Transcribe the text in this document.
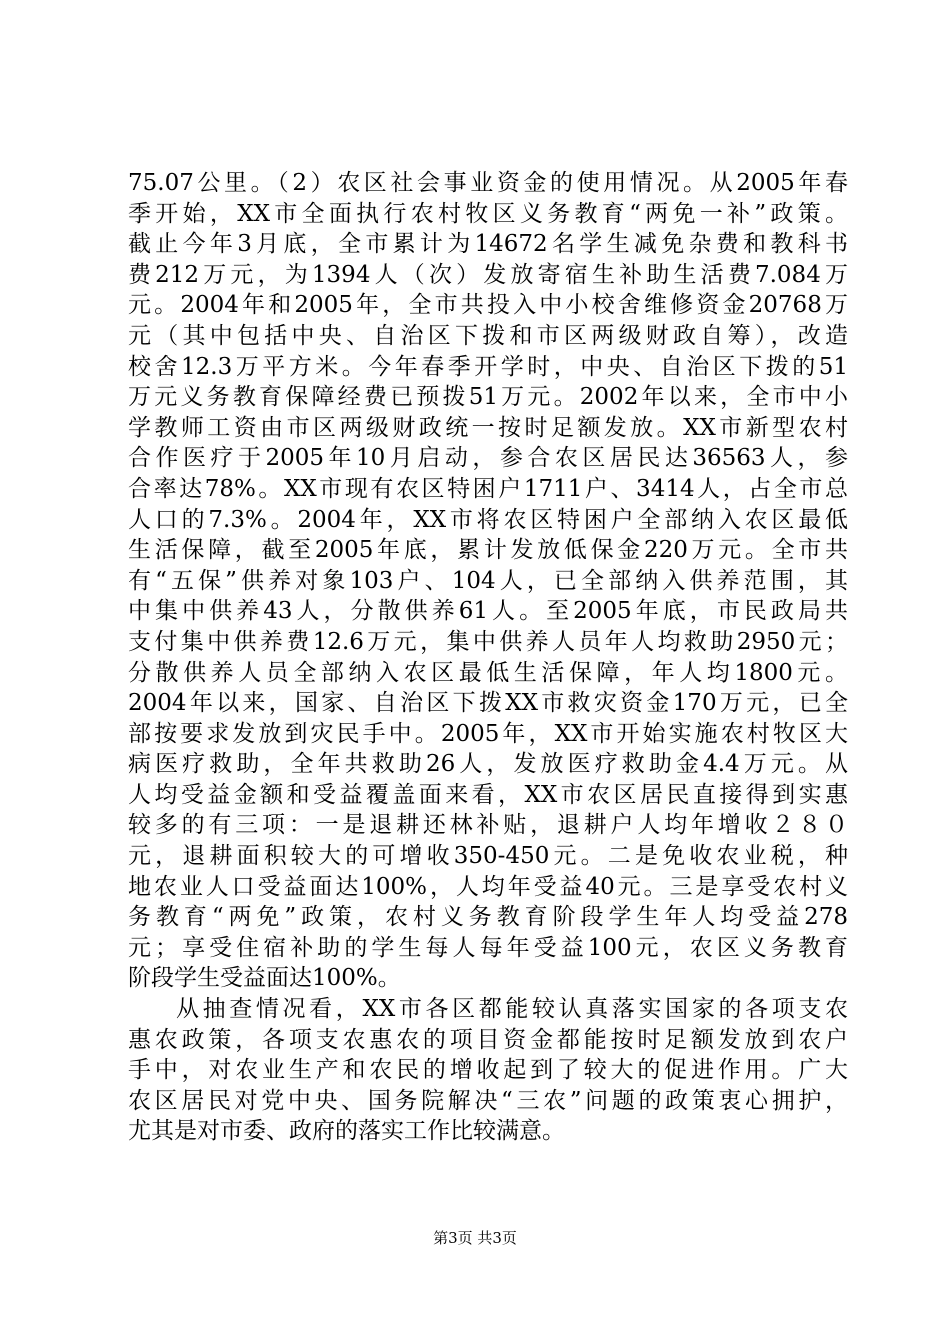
75.07公里。（2）农区社会事业资金的使用情况。从2005年春
季开始，XX市全面执行农村牧区义务教育“两免一补”政策。
截止今年3月底，全市累计为14672名学生减免杂费和教科书
费212万元，为1394人（次）发放寄宿生补助生活费7.084万
元。2004年和2005年，全市共投入中小校舍维修资金20768万
元（其中包括中央、自治区下拨和市区两级财政自筹），改造
校舍12.3万平方米。今年春季开学时，中央、自治区下拨的51
万元义务教育保障经费已预拨51万元。2002年以来，全市中小
学教师工资由市区两级财政统一按时足额发放。XX市新型农村
合作医疗于2005年10月启动，参合农区居民达36563人，参
合率达78%。XX市现有农区特困户1711户、3414人，占全市总
人口的7.3%。2004年，XX市将农区特困户全部纳入农区最低
生活保障，截至2005年底，累计发放低保金220万元。全市共
有“五保”供养对象103户、104人，已全部纳入供养范围，其
中集中供养43人，分散供养61人。至2005年底，市民政局共
支付集中供养费12.6万元，集中供养人员年人均救助2950元；
分散供养人员全部纳入农区最低生活保障，年人均1800元。
2004年以来，国家、自治区下拨XX市救灾资金170万元，已全
部按要求发放到灾民手中。2005年，XX市开始实施农村牧区大
病医疗救助，全年共救助26人，发放医疗救助金4.4万元。从
人均受益金额和受益覆盖面来看，XX市农区居民直接得到实惠
较多的有三项：一是退耕还林补贴，退耕户人均年增收２８０
元，退耕面积较大的可增收350-450元。二是免收农业税，种
地农业人口受益面达100%，人均年受益40元。三是享受农村义
务教育“两免”政策，农村义务教育阶段学生年人均受益278
元；享受住宿补助的学生每人每年受益100元，农区义务教育
阶段学生受益面达100%。
从抽查情况看，XX市各区都能较认真落实国家的各项支农
惠农政策，各项支农惠农的项目资金都能按时足额发放到农户
手中，对农业生产和农民的增收起到了较大的促进作用。广大
农区居民对党中央、国务院解决“三农”问题的政策衷心拥护，
尤其是对市委、政府的落实工作比较满意。
第3页 共3页
